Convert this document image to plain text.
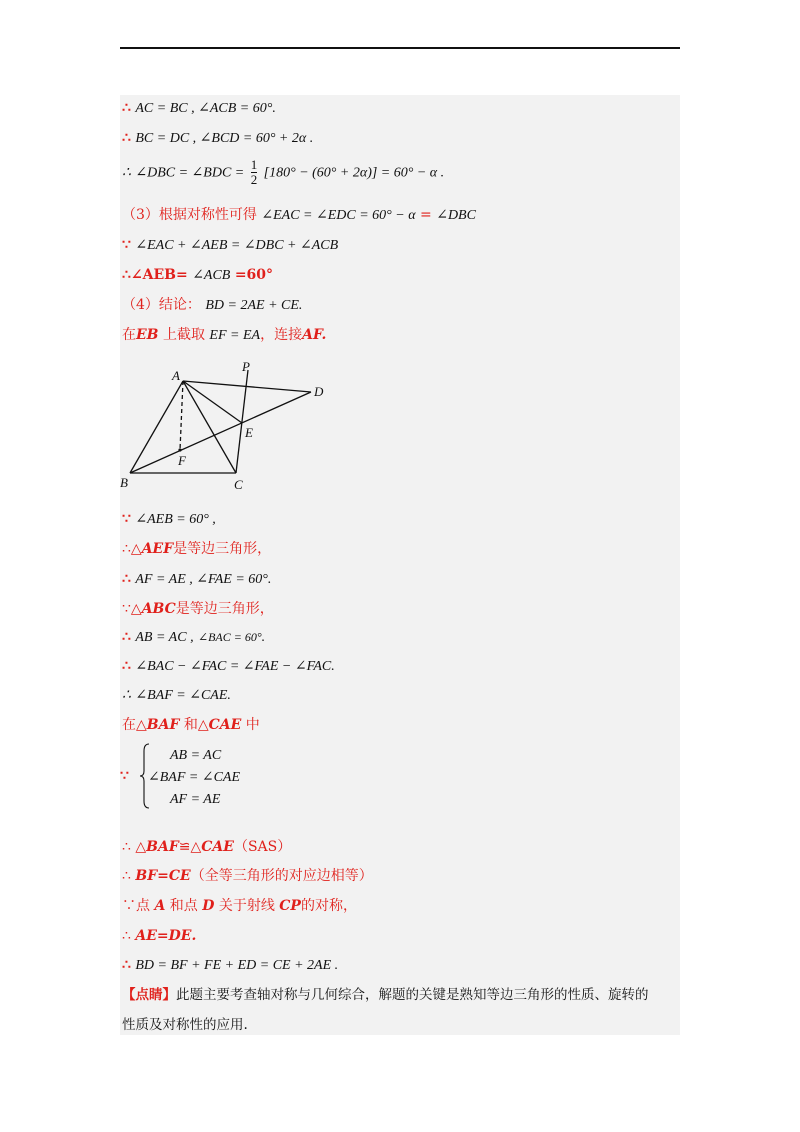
∴ AC = BC , ∠ACB = 60°.
∴ BC = DC , ∠BCD = 60° + 2α .
∴ ∠DBC = ∠BDC = $\frac{1}{2} [180^\circ - (60^\circ + 2\alpha)] = 60^\circ - \alpha$ .
（3）根据对称性可得 ∠EAC = ∠EDC = 60° − α = ∠DBC
∵ ∠EAC + ∠AEB = ∠DBC + ∠ACB
∴∠AEB= ∠ACB =60°
（4）结论： BD = 2AE + CE.
在EB 上截取 EF = EA，连接AF.
A
P
D
E
F
B	C
∵ ∠AEB = 60° ,
∴△AEF是等边三角形，
∴ AF = AE , ∠FAE = 60°.
∵△ABC是等边三角形，
∴ AB = AC , ∠BAC = 60°.
∴ ∠BAC − ∠FAC = ∠FAE − ∠FAC.
∴ ∠BAF = ∠CAE.
在△BAF 和△CAE 中
∵
AB = AC
∠BAF = ∠CAE
AF = AE
∴ △BAF≌△CAE（SAS）
∴ BF=CE（全等三角形的对应边相等）
∵点 A 和点 D 关于射线 CP的对称，
∴ AE=DE.
∴ BD = BF + FE + ED = CE + 2AE .
【点睛】此题主要考查轴对称与几何综合，解题的关键是熟知等边三角形的性质、旋转的
性质及对称性的应用.
